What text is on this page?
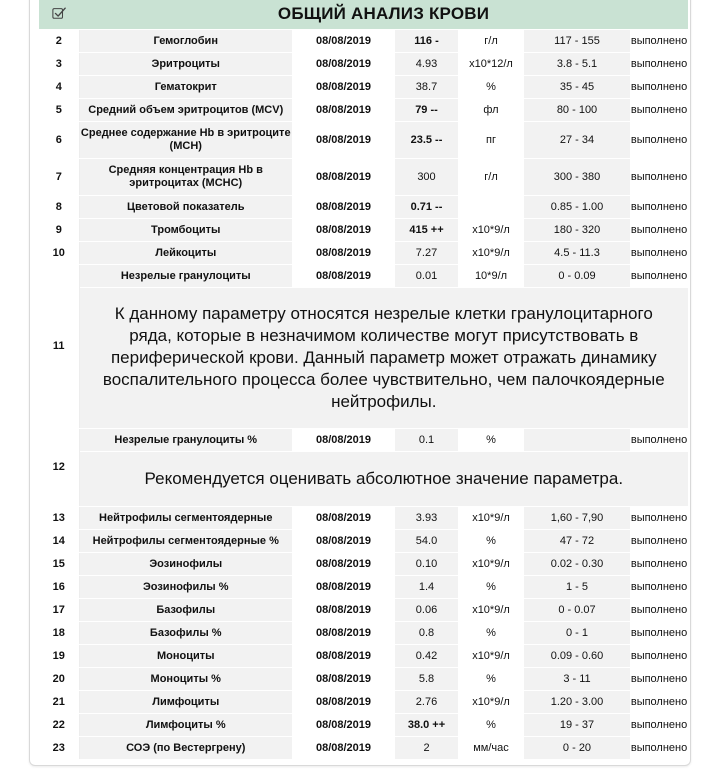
	ОБЩИЙ АНАЛИЗ КРОВИ					
2	Гемоглобин	08/08/2019	116 -	г/л	117 - 155	выполнено
3	Эритроциты	08/08/2019	4.93	х10*12/л	3.8 - 5.1	выполнено
4	Гематокрит	08/08/2019	38.7	%	35 - 45	выполнено
5	Средний объем эритроцитов (MCV)	08/08/2019	79 --	фл	80 - 100	выполнено
6	Среднее содержание Hb в эритроците (MCH)	08/08/2019	23.5 --	пг	27 - 34	выполнено
7	Средняя концентрация Hb в эритроцитах (MCHC)	08/08/2019	300	г/л	300 - 380	выполнено
8	Цветовой показатель	08/08/2019	0.71 --		0.85 - 1.00	выполнено
9	Тромбоциты	08/08/2019	415 ++	х10*9/л	180 - 320	выполнено
10	Лейкоциты	08/08/2019	7.27	х10*9/л	4.5 - 11.3	выполнено
11	Незрелые гранулоциты	08/08/2019	0.01	10*9/л	0 - 0.09	выполнено
	К данному параметру относятся незрелые клетки гранулоцитарного ряда, которые в незначимом количестве могут присутствовать в периферической крови. Данный параметр может отражать динамику воспалительного процесса более чувствительно, чем палочкоядерные нейтрофилы.					
12	Незрелые гранулоциты %	08/08/2019	0.1	%		выполнено
	Рекомендуется оценивать абсолютное значение параметра.					
13	Нейтрофилы сегментоядерные	08/08/2019	3.93	х10*9/л	1,60 - 7,90	выполнено
14	Нейтрофилы сегментоядерные %	08/08/2019	54.0	%	47 - 72	выполнено
15	Эозинофилы	08/08/2019	0.10	х10*9/л	0.02 - 0.30	выполнено
16	Эозинофилы %	08/08/2019	1.4	%	1 - 5	выполнено
17	Базофилы	08/08/2019	0.06	х10*9/л	0 - 0.07	выполнено
18	Базофилы %	08/08/2019	0.8	%	0 - 1	выполнено
19	Моноциты	08/08/2019	0.42	х10*9/л	0.09 - 0.60	выполнено
20	Моноциты %	08/08/2019	5.8	%	3 - 11	выполнено
21	Лимфоциты	08/08/2019	2.76	х10*9/л	1.20 - 3.00	выполнено
22	Лимфоциты %	08/08/2019	38.0 ++	%	19 - 37	выполнено
23	СОЭ (по Вестергрену)	08/08/2019	2	мм/час	0 - 20	выполнено
